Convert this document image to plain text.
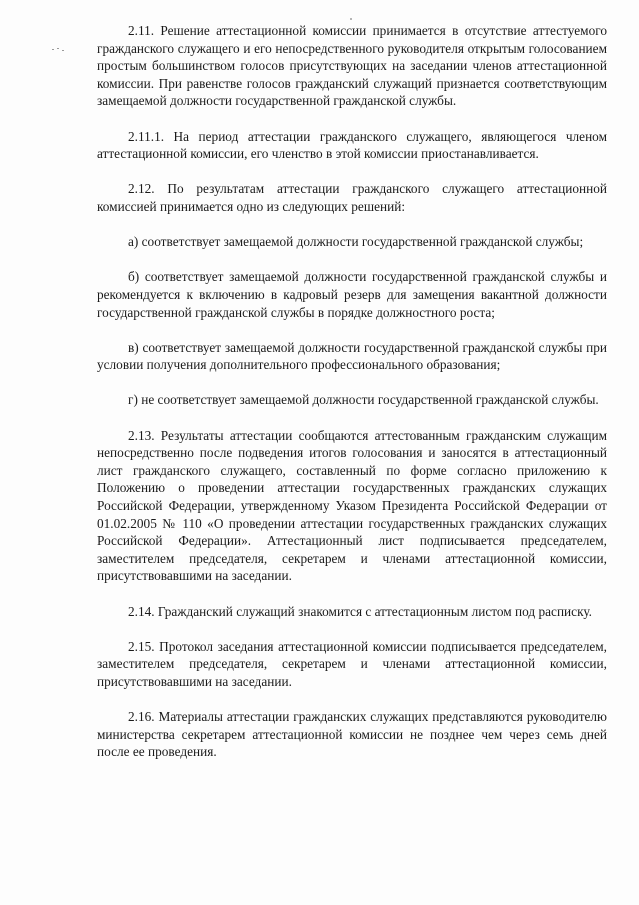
2.11. Решение аттестационной комиссии принимается в отсутствие аттестуемого гражданского служащего и его непосредственного руководителя открытым голосованием простым большинством голосов присутствующих на заседании членов аттестационной комиссии. При равенстве голосов гражданский служащий признается соответствующим замещаемой должности государственной гражданской службы.

2.11.1. На период аттестации гражданского служащего, являющегося членом аттестационной комиссии, его членство в этой комиссии приостанавливается.

2.12. По результатам аттестации гражданского служащего аттестационной комиссией принимается одно из следующих решений:

а) соответствует замещаемой должности государственной гражданской службы;

б) соответствует замещаемой должности государственной гражданской службы и рекомендуется к включению в кадровый резерв для замещения вакантной должности государственной гражданской службы в порядке должностного роста;

в) соответствует замещаемой должности государственной гражданской службы при условии получения дополнительного профессионального образования;

г) не соответствует замещаемой должности государственной гражданской службы.

2.13. Результаты аттестации сообщаются аттестованным гражданским служащим непосредственно после подведения итогов голосования и заносятся в аттестационный лист гражданского служащего, составленный по форме согласно приложению к Положению о проведении аттестации государственных гражданских служащих Российской Федерации, утвержденному Указом Президента Российской Федерации от 01.02.2005 № 110 «О проведении аттестации государственных гражданских служащих Российской Федерации». Аттестационный лист подписывается председателем, заместителем председателя, секретарем и членами аттестационной комиссии, присутствовавшими на заседании.

2.14. Гражданский служащий знакомится с аттестационным листом под расписку.

2.15. Протокол заседания аттестационной комиссии подписывается председателем, заместителем председателя, секретарем и членами аттестационной комиссии, присутствовавшими на заседании.

2.16. Материалы аттестации гражданских служащих представляются руководителю министерства секретарем аттестационной комиссии не позднее чем через семь дней после ее проведения.
